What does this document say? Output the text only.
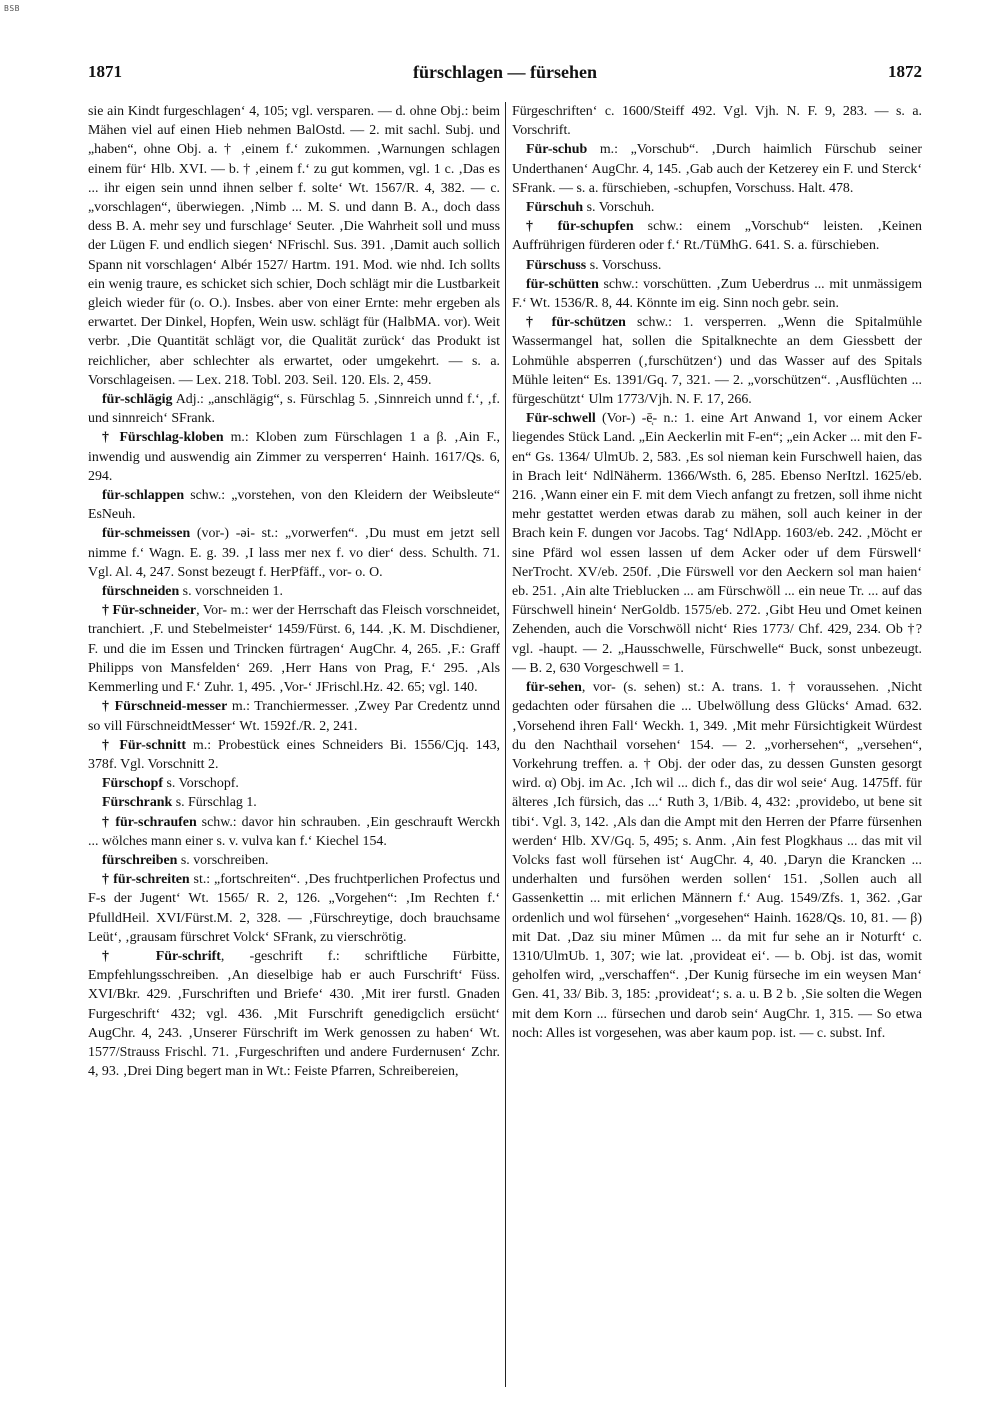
BSB
1871	fürschlagen — fürsehen	1872

sie ain Kindt furgeschlagen‘ 4, 105; vgl. versparen. — d. ohne Obj.: beim Mähen viel auf einen Hieb nehmen BalOstd. — 2. mit sachl. Subj. und „haben“, ohne Obj. a. † ‚einem f.‘ zukommen. ‚Warnungen schlagen einem für‘ Hlb. XVI. — b. † ‚einem f.‘ zu gut kommen, vgl. 1 c. ‚Das es ... ihr eigen sein unnd ihnen selber f. solte‘ Wt. 1567/R. 4, 382. — c. „vorschlagen“, überwiegen. ‚Nimb ... M. S. und dann B. A., doch dass dess B. A. mehr sey und furschlage‘ Seuter. ‚Die Wahrheit soll und muss der Lügen F. und endlich siegen‘ NFrischl. Sus. 391. ‚Damit auch sollich Spann nit vorschlagen‘ Albér 1527/ Hartm. 191. Mod. wie nhd. Ich sollts ein wenig traure, es schicket sich schier, Doch schlägt mir die Lustbarkeit gleich wieder für (o. O.). Insbes. aber von einer Ernte: mehr ergeben als erwartet. Der Dinkel, Hopfen, Wein usw. schlägt für (HalbMA. vor). Weit verbr. ‚Die Quantität schlägt vor, die Qualität zurück‘ das Produkt ist reichlicher, aber schlechter als erwartet, oder umgekehrt. — s. a. Vorschlageisen. — Lex. 218. Tobl. 203. Seil. 120. Els. 2, 459.

für-schlägig Adj.: „anschlägig“, s. Fürschlag 5. ‚Sinnreich unnd f.‘, ‚f. und sinnreich‘ SFrank.

† Fürschlag-kloben m.: Kloben zum Fürschlagen 1 a β. ‚Ain F., inwendig und auswendig ain Zimmer zu versperren‘ Hainh. 1617/Qs. 6, 294.

für-schlappen schw.: „vorstehen, von den Kleidern der Weibsleute“ EsNeuh.

für-schmeissen (vor-) -əi- st.: „vorwerfen“. ‚Du must em jetzt sell nimme f.‘ Wagn. E. g. 39. ‚I lass mer nex f. vo dier‘ dess. Schulth. 71. Vgl. Al. 4, 247. Sonst bezeugt f. HerPfäff., vor- o. O.

fürschneiden s. vorschneiden 1.

† Für-schneider, Vor- m.: wer der Herrschaft das Fleisch vorschneidet, tranchiert. ‚F. und Stebelmeister‘ 1459/Fürst. 6, 144. ‚K. M. Dischdiener, F. und die im Essen und Trincken fürtragen‘ AugChr. 4, 265. ‚F.: Graff Philipps von Mansfelden‘ 269. ‚Herr Hans von Prag, F.‘ 295. ‚Als Kemmerling und F.‘ Zuhr. 1, 495. ‚Vor-‘ JFrischl.Hz. 42. 65; vgl. 140.

† Fürschneid-messer m.: Tranchiermesser. ‚Zwey Par Credentz unnd so vill FürschneidtMesser‘ Wt. 1592f./R. 2, 241.

† Für-schnitt m.: Probestück eines Schneiders Bi. 1556/Cjq. 143, 378f. Vgl. Vorschnitt 2.

Fürschopf s. Vorschopf.

Fürschrank s. Fürschlag 1.

† für-schraufen schw.: davor hin schrauben. ‚Ein geschrauft Werckh ... wölches mann einer s. v. vulva kan f.‘ Kiechel 154.

fürschreiben s. vorschreiben.

† für-schreiten st.: „fortschreiten“. ‚Des fruchtperlichen Profectus und F-s der Jugent‘ Wt. 1565/ R. 2, 126. „Vorgehen“: ‚Im Rechten f.‘ PfulldHeil. XVI/Fürst.M. 2, 328. — ‚Fürschreytige, doch brauchsame Leüt‘, ‚grausam fürschret Volck‘ SFrank, zu vierschrötig.

† Für-schrift, -geschrift f.: schriftliche Fürbitte, Empfehlungsschreiben. ‚An dieselbige hab er auch Furschrift‘ Füss. XVI/Bkr. 429. ‚Furschriften und Briefe‘ 430. ‚Mit irer furstl. Gnaden Furgeschrift‘ 432; vgl. 436. ‚Mit Furschrift genedigclich ersücht‘ AugChr. 4, 243. ‚Unserer Fürschrift im Werk genossen zu haben‘ Wt. 1577/Strauss Frischl. 71. ‚Furgeschriften und andere Furdernusen‘ Zchr. 4, 93. ‚Drei Ding begert man in Wt.: Feiste Pfarren, Schreibereien,

Fürgeschriften‘ c. 1600/Steiff 492. Vgl. Vjh. N. F. 9, 283. — s. a. Vorschrift.

Für-schub m.: „Vorschub“. ‚Durch haimlich Fürschub seiner Underthanen‘ AugChr. 4, 145. ‚Gab auch der Ketzerey ein F. und Sterck‘ SFrank. — s. a. fürschieben, -schupfen, Vorschuss. Halt. 478.

Fürschuh s. Vorschuh.

† für-schupfen schw.: einem „Vorschub“ leisten. ‚Keinen Auffrührigen fürderen oder f.‘ Rt./TüMhG. 641. S. a. fürschieben.

Fürschuss s. Vorschuss.

für-schütten schw.: vorschütten. ‚Zum Ueberdrus ... mit unmässigem F.‘ Wt. 1536/R. 8, 44. Könnte im eig. Sinn noch gebr. sein.

† für-schützen schw.: 1. versperren. „Wenn die Spitalmühle Wassermangel hat, sollen die Spitalknechte an dem Giessbett der Lohmühle absperren (‚furschützen‘) und das Wasser auf des Spitals Mühle leiten“ Es. 1391/Gq. 7, 321. — 2. „vorschützen“. ‚Ausflüchten ... fürgeschützt‘ Ulm 1773/Vjh. N. F. 17, 266.

Für-schwell (Vor-) -ē̜- n.: 1. eine Art Anwand 1, vor einem Acker liegendes Stück Land. „Ein Aeckerlin mit F-en“; „ein Acker ... mit den F-en“ Gs. 1364/ UlmUb. 2, 583. ‚Es sol nieman kein Furschwell haien, das in Brach leit‘ NdlNäherm. 1366/Wsth. 6, 285. Ebenso NerItzl. 1625/eb. 216. ‚Wann einer ein F. mit dem Viech anfangt zu fretzen, soll ihme nicht mehr gestattet werden etwas darab zu mähen, soll auch keiner in der Brach kein F. dungen vor Jacobs. Tag‘ NdlApp. 1603/eb. 242. ‚Möcht er sine Pfärd wol essen lassen uf dem Acker oder uf dem Fürswell‘ NerTrocht. XV/eb. 250f. ‚Die Fürswell vor den Aeckern sol man haien‘ eb. 251. ‚Ain alte Trieblucken ... am Fürschwöll ... ein neue Tr. ... auf das Fürschwell hinein‘ NerGoldb. 1575/eb. 272. ‚Gibt Heu und Omet keinen Zehenden, auch die Vorschwöll nicht‘ Ries 1773/ Chf. 429, 234. Ob †? vgl. -haupt. — 2. „Hausschwelle, Fürschwelle“ Buck, sonst unbezeugt. — B. 2, 630 Vorgeschwell = 1.

für-sehen, vor- (s. sehen) st.: A. trans. 1. † voraussehen. ‚Nicht gedachten oder fürsahen die ... Ubelwöllung dess Glücks‘ Amad. 632. ‚Vorsehend ihren Fall‘ Weckh. 1, 349. ‚Mit mehr Fürsichtigkeit Würdest du den Nachthail vorsehen‘ 154. — 2. „vorhersehen“, „versehen“, Vorkehrung treffen. a. † Obj. der oder das, zu dessen Gunsten gesorgt wird. α) Obj. im Ac. ‚Ich wil ... dich f., das dir wol seie‘ Aug. 1475ff. für älteres ‚Ich fürsich, das ...‘ Ruth 3, 1/Bib. 4, 432: ‚providebo, ut bene sit tibi‘. Vgl. 3, 142. ‚Als dan die Ampt mit den Herren der Pfarre fürsenhen werden‘ Hlb. XV/Gq. 5, 495; s. Anm. ‚Ain fest Plogkhaus ... das mit vil Volcks fast woll fürsehen ist‘ AugChr. 4, 40. ‚Daryn die Krancken ... underhalten und fursöhen werden sollen‘ 151. ‚Sollen auch all Gassenkettin ... mit erlichen Männern f.‘ Aug. 1549/Zfs. 1, 362. ‚Gar ordenlich und wol fürsehen‘ „vorgesehen“ Hainh. 1628/Qs. 10, 81. — β) mit Dat. ‚Daz siu miner Mûmen ... da mit fur sehe an ir Noturft‘ c. 1310/UlmUb. 1, 307; wie lat. ‚provideat ei‘. — b. Obj. ist das, womit geholfen wird, „verschaffen“. ‚Der Kunig fürseche im ein weysen Man‘ Gen. 41, 33/ Bib. 3, 185: ‚provideat‘; s. a. u. B 2 b. ‚Sie solten die Wegen mit dem Korn ... fürsechen und darob sein‘ AugChr. 1, 315. — So etwa noch: Alles ist vorgesehen, was aber kaum pop. ist. — c. subst. Inf.
